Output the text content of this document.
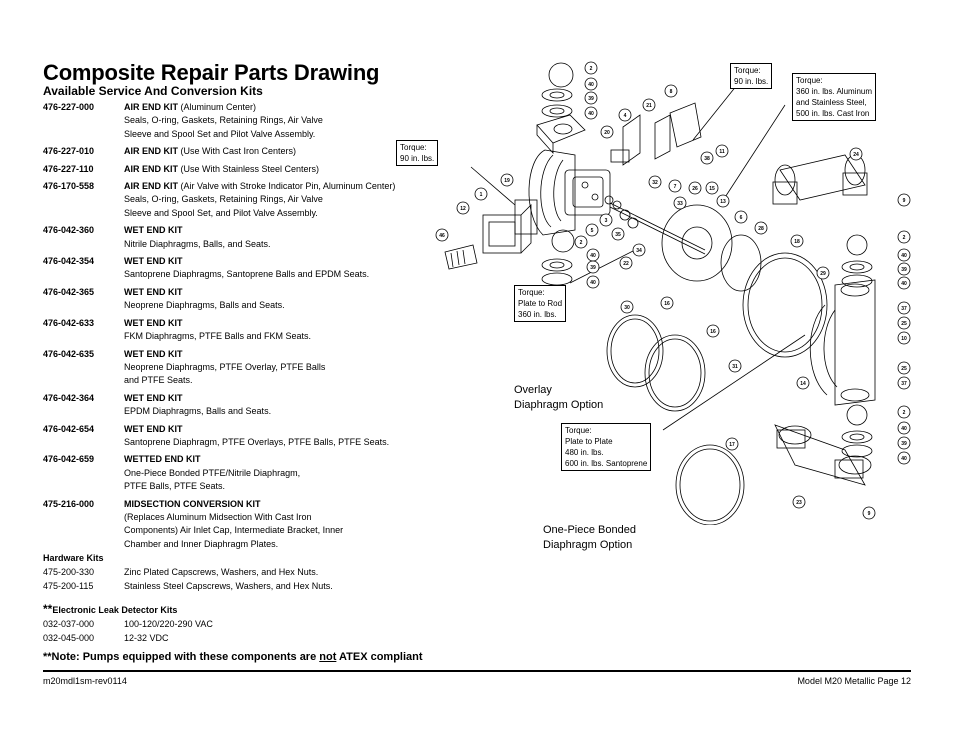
Composite Repair Parts Drawing
Available Service And Conversion Kits
476-227-000	AIR END KIT (Aluminum Center)
Seals, O-ring, Gaskets, Retaining Rings, Air Valve
Sleeve and Spool Set and Pilot Valve Assembly.
476-227-010	AIR END KIT (Use With Cast Iron Centers)
476-227-110	AIR END KIT (Use With Stainless Steel Centers)
476-170-558	AIR END KIT (Air Valve with Stroke Indicator Pin, Aluminum Center)
Seals, O-ring, Gaskets, Retaining Rings, Air Valve
Sleeve and Spool Set, and Pilot Valve Assembly.
476-042-360	WET END KIT
Nitrile Diaphragms, Balls, and Seats.
476-042-354	WET END KIT
Santoprene Diaphragms, Santoprene Balls and EPDM Seats.
476-042-365	WET END KIT
Neoprene Diaphragms, Balls and Seats.
476-042-633	WET END KIT
FKM Diaphragms, PTFE Balls and FKM Seats.
476-042-635	WET END KIT
Neoprene Diaphragms, PTFE Overlay, PTFE Balls
and PTFE Seats.
476-042-364	WET END KIT
EPDM Diaphragms, Balls and Seats.
476-042-654	WET END KIT
Santoprene Diaphragm, PTFE Overlays, PTFE Balls, PTFE Seats.
476-042-659	WETTED END KIT
One-Piece Bonded PTFE/Nitrile Diaphragm,
PTFE Balls, PTFE Seats.
475-216-000	MIDSECTION CONVERSION KIT
(Replaces Aluminum Midsection With Cast Iron
Components) Air Inlet Cap, Intermediate Bracket, Inner
Chamber and Inner Diaphragm Plates.
Hardware Kits
475-200-330	Zinc Plated Capscrews, Washers, and Hex Nuts.
475-200-115	Stainless Steel Capscrews, Washers, and Hex Nuts.
**Electronic Leak Detector Kits
032-037-000	100-120/220-290 VAC
032-045-000	12-32 VDC
**Note: Pumps equipped with these components are not ATEX compliant
m20mdl1sm-rev0114	Model M20 Metallic Page 12
2
40
39
40
21
8
4
20
38
11	24
19
1
32
7	26 15
33	13
12
5
3
35
2
6
28
46
22
34
40
39
40
18
29
9
2
40
39
40
30
16
37
25
10
16
31
14
25
37
2
40
39
40
17
23
9
Torque:
90 in. lbs.
Torque:
90 in. lbs.	Torque:
360 in. lbs. Aluminum
and Stainless Steel,
500 in. lbs. Cast Iron
Torque:
Plate to Rod
360 in. lbs.
Torque:
Plate to Plate
480 in. lbs.
600 in. lbs. Santoprene
Overlay
Diaphragm Option
One-Piece Bonded
Diaphragm Option
